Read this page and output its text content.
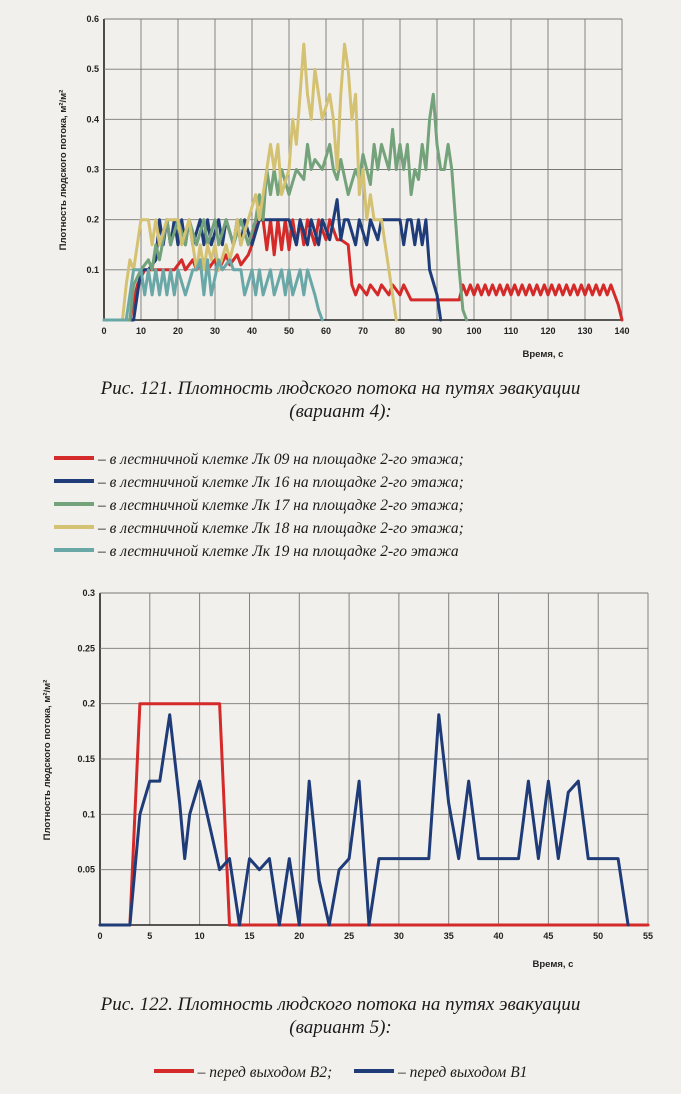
Плотность людского потока, м²/м²
Время, с
0	10	20	30	40	50	60	70	80	90	100 110 120 130 140
0.1
0.2
0.3
0.4
0.5
0.6
Рис. 121. Плотность людского потока на путях эвакуации
(вариант 4):
– в лестничной клетке Лк 09 на площадке 2-го этажа;
– в лестничной клетке Лк 16 на площадке 2-го этажа;
– в лестничной клетке Лк 17 на площадке 2-го этажа;
– в лестничной клетке Лк 18 на площадке 2-го этажа;
– в лестничной клетке Лк 19 на площадке 2-го этажа
Плотность людского потока, м²/м²
Время, с
0	5	10	15	20	25	30	35	40	45	50	55
0.05
0.1
0.15
0.2
0.25
0.3
Рис. 122. Плотность людского потока на путях эвакуации
(вариант 5):
– перед выходом В2;	– перед выходом В1
